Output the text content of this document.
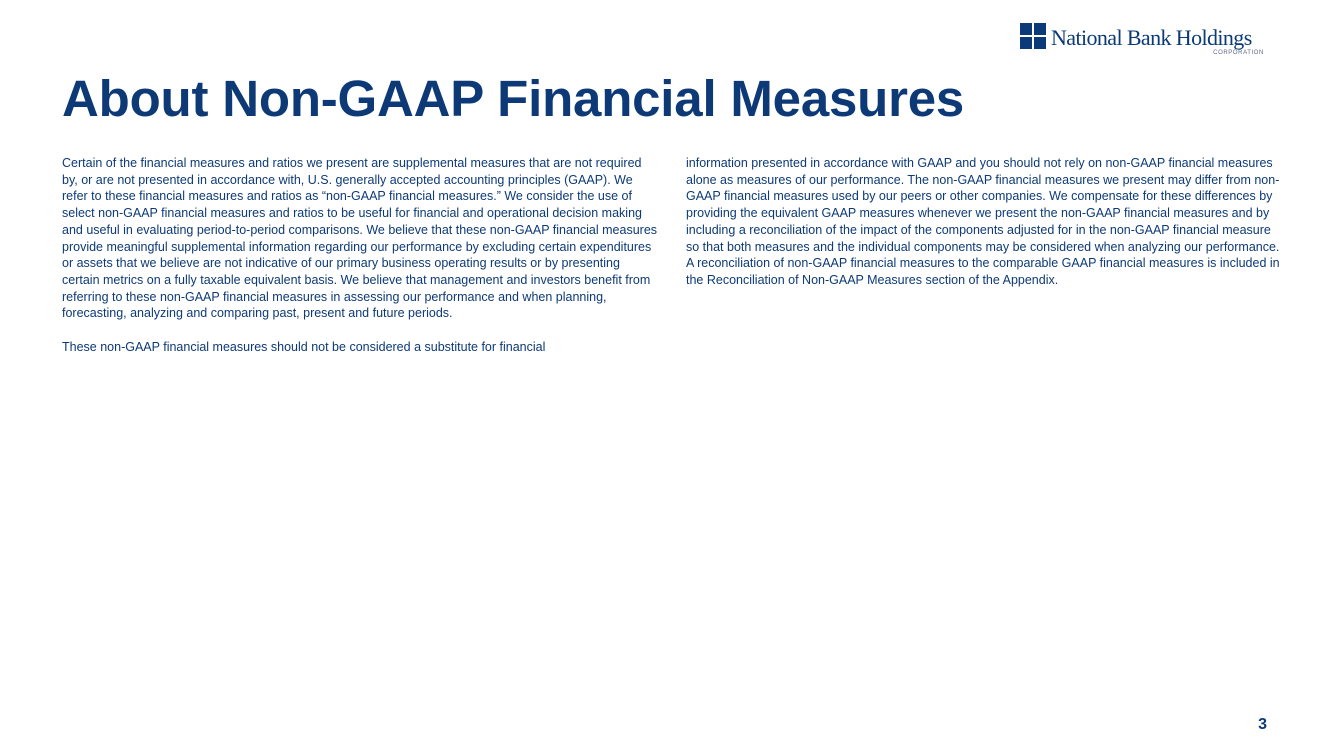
National Bank Holdings
CORPORATION
About Non-GAAP Financial Measures

Certain of the financial measures and ratios we present are supplemental measures that are not required by, or are not presented in accordance with, U.S. generally accepted accounting principles (GAAP). We refer to these financial measures and ratios as “non-GAAP financial measures.” We consider the use of select non-GAAP financial measures and ratios to be useful for financial and operational decision making and useful in evaluating period-to-period comparisons. We believe that these non-GAAP financial measures provide meaningful supplemental information regarding our performance by excluding certain expenditures or assets that we believe are not indicative of our primary business operating results or by presenting certain metrics on a fully taxable equivalent basis. We believe that management and investors benefit from referring to these non-GAAP financial measures in assessing our performance and when planning, forecasting, analyzing and comparing past, present and future periods.

These non-GAAP financial measures should not be considered a substitute for financial

information presented in accordance with GAAP and you should not rely on non-GAAP financial measures alone as measures of our performance. The non-GAAP financial measures we present may differ from non-GAAP financial measures used by our peers or other companies. We compensate for these differences by providing the equivalent GAAP measures whenever we present the non-GAAP financial measures and by including a reconciliation of the impact of the components adjusted for in the non-GAAP financial measure so that both measures and the individual components may be considered when analyzing our performance. A reconciliation of non-GAAP financial measures to the comparable GAAP financial measures is included in the Reconciliation of Non-GAAP Measures section of the Appendix.

3
